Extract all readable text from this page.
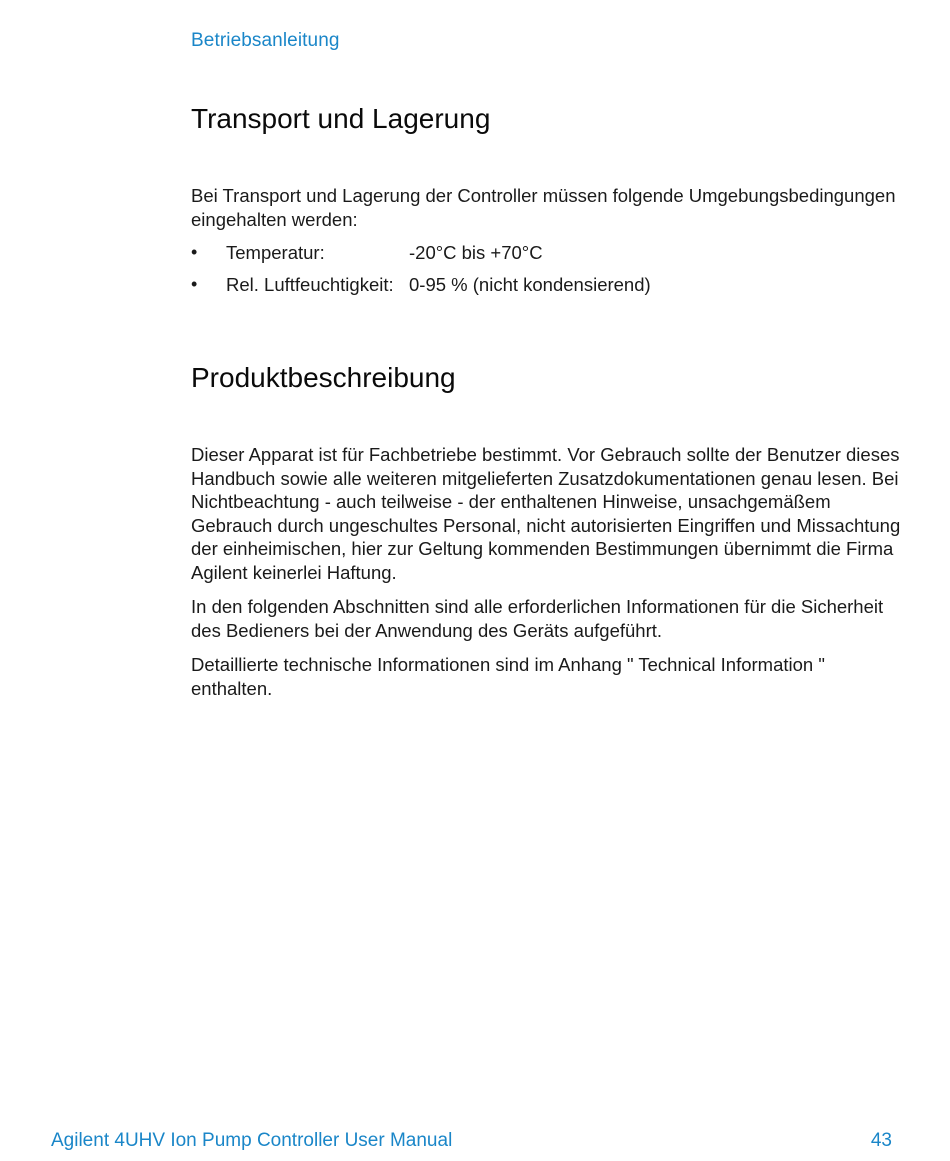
Betriebsanleitung
Transport und Lagerung

Bei Transport und Lagerung der Controller müssen folgende Umgebungsbedingungen eingehalten werden:

•	Temperatur:	-20°C bis +70°C
•	Rel. Luftfeuchtigkeit: 0-95 % (nicht kondensierend)
Produktbeschreibung

Dieser Apparat ist für Fachbetriebe bestimmt. Vor Gebrauch sollte der Benutzer dieses Handbuch sowie alle weiteren mitgelieferten Zusatzdokumentationen genau lesen. Bei Nichtbeachtung - auch teilweise - der enthaltenen Hinweise, unsachgemäßem Gebrauch durch ungeschultes Personal, nicht autorisierten Eingriffen und Missachtung der einheimischen, hier zur Geltung kommenden Bestimmungen übernimmt die Firma Agilent keinerlei Haftung.

In den folgenden Abschnitten sind alle erforderlichen Informationen für die Sicherheit des Bedieners bei der Anwendung des Geräts aufgeführt.

Detaillierte technische Informationen sind im Anhang " Technical Information " enthalten.

Agilent 4UHV Ion Pump Controller User Manual	43
